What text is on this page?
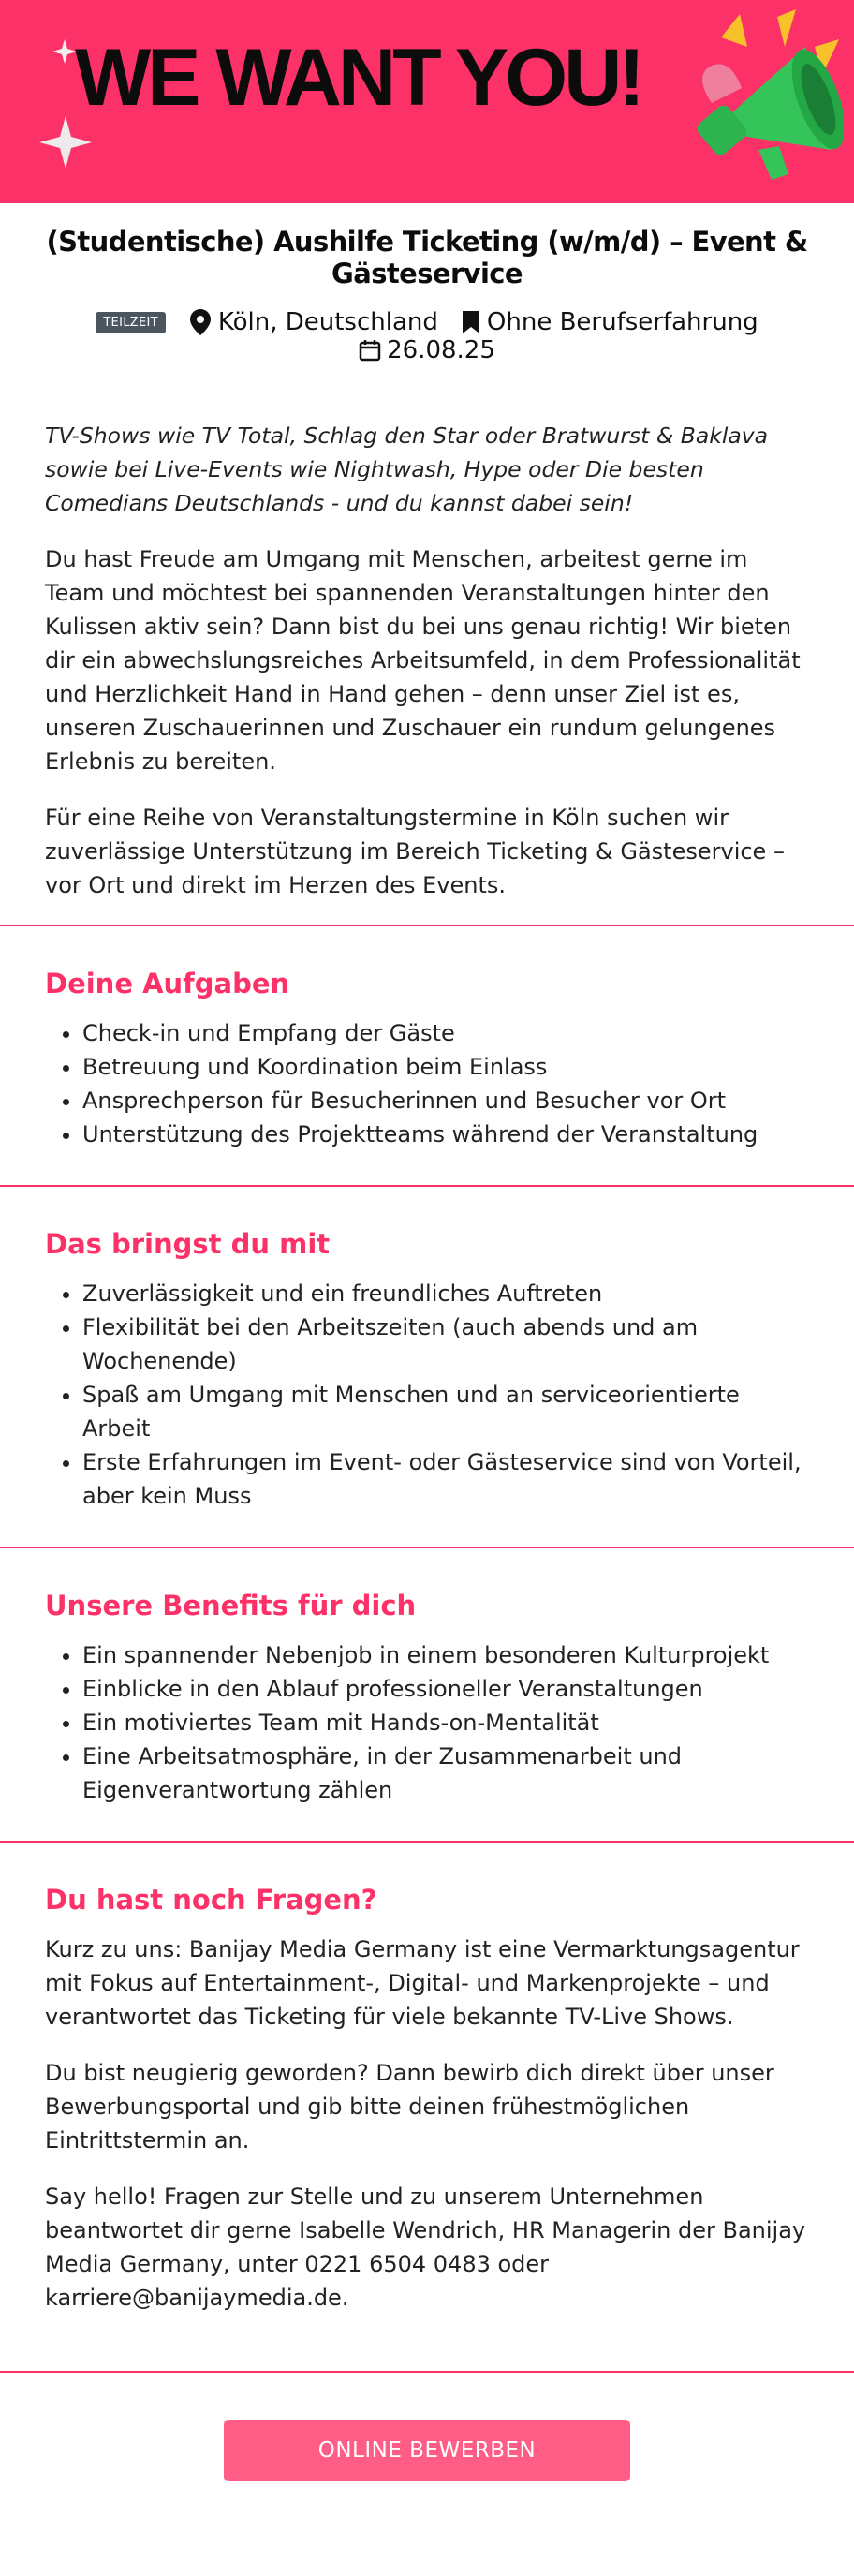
WE WANT YOU!
(Studentische) Aushilfe Ticketing (w/m/d) – Event & Gästeservice
TEILZEIT	Köln, Deutschland Ohne Berufserfahrung
26.08.25

TV-Shows wie TV Total, Schlag den Star oder Bratwurst & Baklava sowie bei Live-Events wie Nightwash, Hype oder Die besten Comedians Deutschlands - und du kannst dabei sein!

Du hast Freude am Umgang mit Menschen, arbeitest gerne im Team und möchtest bei spannenden Veranstaltungen hinter den Kulissen aktiv sein? Dann bist du bei uns genau richtig! Wir bieten dir ein abwechslungsreiches Arbeitsumfeld, in dem Professionalität und Herzlichkeit Hand in Hand gehen – denn unser Ziel ist es, unseren Zuschauerinnen und Zuschauer ein rundum gelungenes Erlebnis zu bereiten.

Für eine Reihe von Veranstaltungstermine in Köln suchen wir zuverlässige Unterstützung im Bereich Ticketing & Gästeservice – vor Ort und direkt im Herzen des Events.

Deine Aufgaben
• Check-in und Empfang der Gäste
• Betreuung und Koordination beim Einlass
• Ansprechperson für Besucherinnen und Besucher vor Ort
• Unterstützung des Projektteams während der Veranstaltung
Das bringst du mit
• Zuverlässigkeit und ein freundliches Auftreten
• Flexibilität bei den Arbeitszeiten (auch abends und am Wochenende)
• Spaß am Umgang mit Menschen und an serviceorientierte Arbeit
• Erste Erfahrungen im Event- oder Gästeservice sind von Vorteil, aber kein Muss
Unsere Benefits für dich
• Ein spannender Nebenjob in einem besonderen Kulturprojekt
• Einblicke in den Ablauf professioneller Veranstaltungen
• Ein motiviertes Team mit Hands-on-Mentalität
• Eine Arbeitsatmosphäre, in der Zusammenarbeit und Eigenverantwortung zählen
Du hast noch Fragen?

Kurz zu uns: Banijay Media Germany ist eine Vermarktungsagentur mit Fokus auf Entertainment-, Digital- und Markenprojekte – und verantwortet das Ticketing für viele bekannte TV-Live Shows.

Du bist neugierig geworden? Dann bewirb dich direkt über unser Bewerbungsportal und gib bitte deinen frühestmöglichen Eintrittstermin an.

Say hello! Fragen zur Stelle und zu unserem Unternehmen beantwortet dir gerne Isabelle Wendrich, HR Managerin der Banijay Media Germany, unter 0221 6504 0483 oder karriere@banijaymedia.de.

ONLINE BEWERBEN
